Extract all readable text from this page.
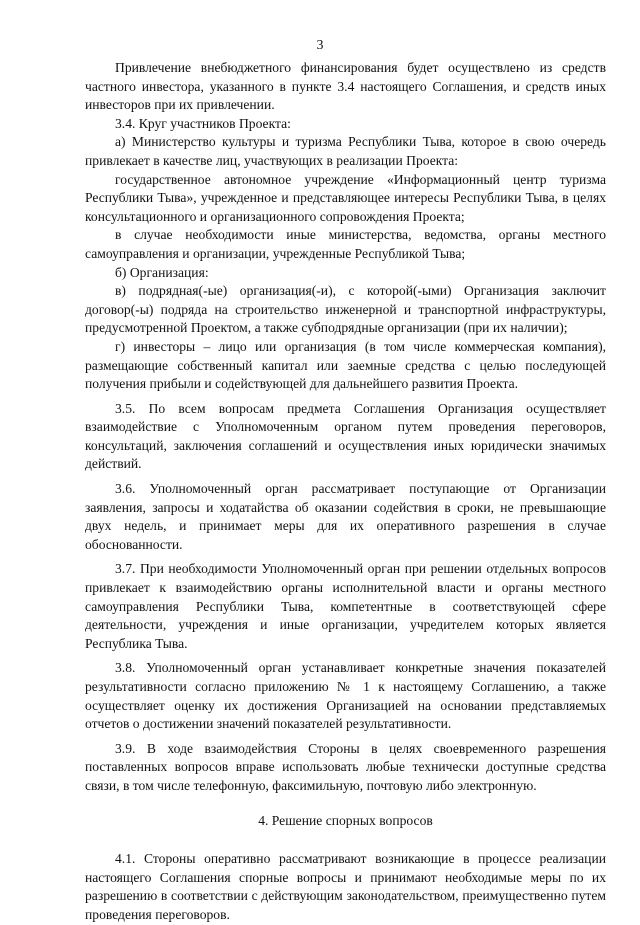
3

Привлечение внебюджетного финансирования будет осуществлено из средств частного инвестора, указанного в пункте 3.4 настоящего Соглашения, и средств иных инвесторов при их привлечении.

3.4. Круг участников Проекта:

а) Министерство культуры и туризма Республики Тыва, которое в свою очередь привлекает в качестве лиц, участвующих в реализации Проекта:

государственное автономное учреждение «Информационный центр туризма Республики Тыва», учрежденное и представляющее интересы Республики Тыва, в целях консультационного и организационного сопровождения Проекта;

в случае необходимости иные министерства, ведомства, органы местного самоуправления и организации, учрежденные Республикой Тыва;

б) Организация:

в) подрядная(-ые) организация(-и), с которой(-ыми) Организация заключит договор(-ы) подряда на строительство инженерной и транспортной инфраструктуры, предусмотренной Проектом, а также субподрядные организации (при их наличии);

г) инвесторы – лицо или организация (в том числе коммерческая компания), размещающие собственный капитал или заемные средства с целью последующей получения прибыли и содействующей для дальнейшего развития Проекта.

3.5. По всем вопросам предмета Соглашения Организация осуществляет взаимодействие с Уполномоченным органом путем проведения переговоров, консультаций, заключения соглашений и осуществления иных юридически значимых действий.

3.6. Уполномоченный орган рассматривает поступающие от Организации заявления, запросы и ходатайства об оказании содействия в сроки, не превышающие двух недель, и принимает меры для их оперативного разрешения в случае обоснованности.

3.7. При необходимости Уполномоченный орган при решении отдельных вопросов привлекает к взаимодействию органы исполнительной власти и органы местного самоуправления Республики Тыва, компетентные в соответствующей сфере деятельности, учреждения и иные организации, учредителем которых является Республика Тыва.

3.8. Уполномоченный орган устанавливает конкретные значения показателей результативности согласно приложению № 1 к настоящему Соглашению, а также осуществляет оценку их достижения Организацией на основании представляемых отчетов о достижении значений показателей результативности.

3.9. В ходе взаимодействия Стороны в целях своевременного разрешения поставленных вопросов вправе использовать любые технически доступные средства связи, в том числе телефонную, факсимильную, почтовую либо электронную.

4. Решение спорных вопросов

4.1. Стороны оперативно рассматривают возникающие в процессе реализации настоящего Соглашения спорные вопросы и принимают необходимые меры по их разрешению в соответствии с действующим законодательством, преимущественно путем проведения переговоров.
